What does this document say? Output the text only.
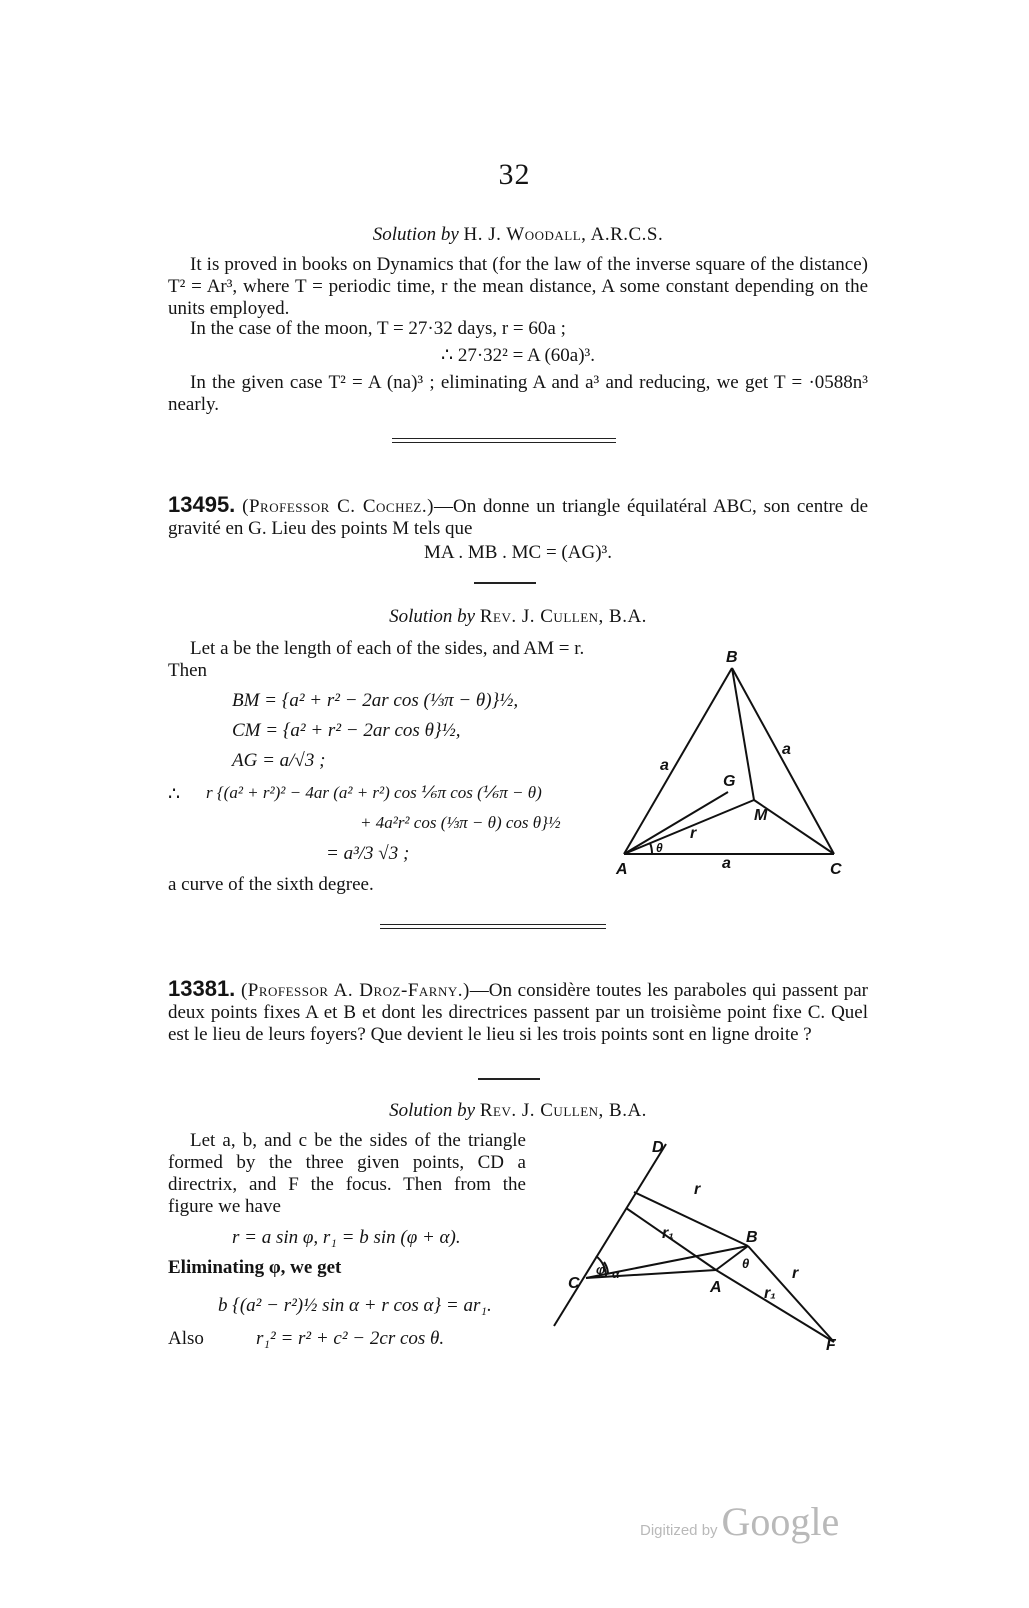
32
Solution by H. J. Woodall, A.R.C.S.
It is proved in books on Dynamics that (for the law of the inverse square of the distance) T² = Ar³, where T = periodic time, r the mean distance, A some constant depending on the units employed.
In the case of the moon, T = 27·32 days, r = 60a ;
∴ 27·32² = A (60a)³.
In the given case T² = A (na)³ ; eliminating A and a³ and reducing, we get T = ·0588n³ nearly.
13495. (Professor C. Cochez.)—On donne un triangle équilatéral ABC, son centre de gravité en G. Lieu des points M tels que
MA . MB . MC = (AG)³.
Solution by Rev. J. Cullen, B.A.
Let a be the length of each of the sides, and AM = r. Then
BM = {a² + r² − 2ar cos (⅓π − θ)}½,
CM = {a² + r² − 2ar cos θ}½,
AG = a/√3 ;
∴ r {(a² + r²)² − 4ar (a² + r²) cos ⅙π cos (⅙π − θ)
+ 4a²r² cos (⅓π − θ) cos θ}½
= a³/3 √3 ;
a curve of the sixth degree.
B
a
a
G
M
r
θ
A	a	C
13381. (Professor A. Droz-Farny.)—On considère toutes les paraboles qui passent par deux points fixes A et B et dont les directrices passent par un troisième point fixe C. Quel est le lieu de leurs foyers? Que devient le lieu si les trois points sont en ligne droite ?
Solution by Rev. J. Cullen, B.A.
Let a, b, and c be the sides of the triangle formed by the three given points, CD a directrix, and F the focus. Then from the figure we have
r = a sin φ, r₁ = b sin (φ + α).
Eliminating φ, we get
b {(a² − r²)½ sin α + r cos α} = ar₁.
Also	r₁² = r² + c² − 2cr cos θ.
D
r
r₁	B
θ
φ α
C	A	r₁
r
F
Digitized by Google
